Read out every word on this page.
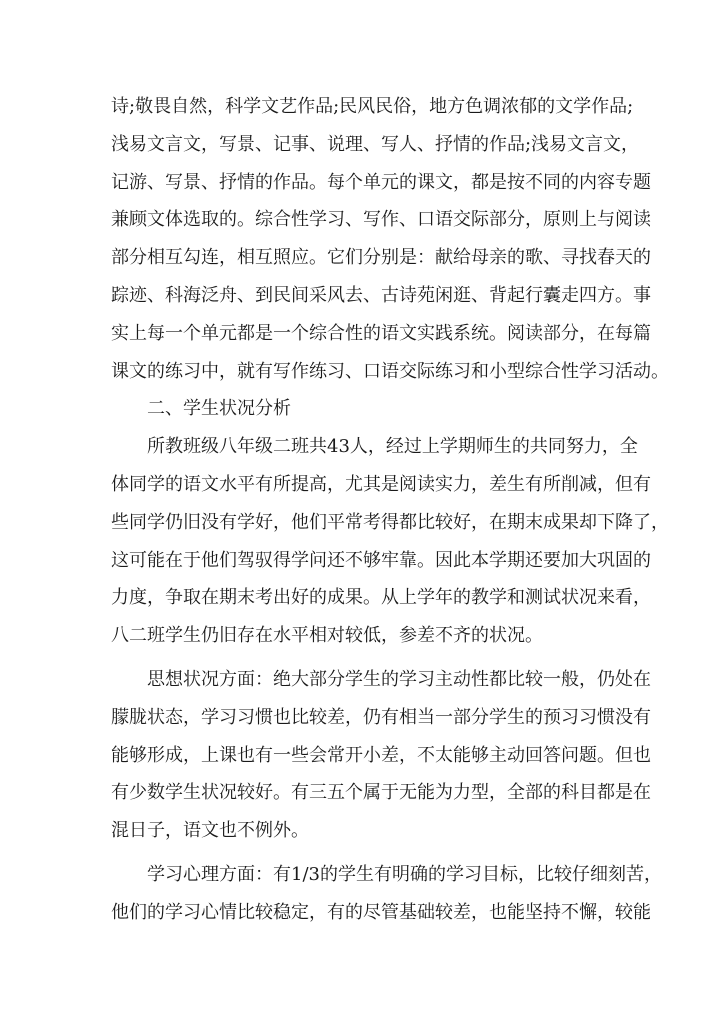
诗;敬畏自然，科学文艺作品;民风民俗，地方色调浓郁的文学作品;
浅易文言文，写景、记事、说理、写人、抒情的作品;浅易文言文，
记游、写景、抒情的作品。每个单元的课文，都是按不同的内容专题
兼顾文体选取的。综合性学习、写作、口语交际部分，原则上与阅读
部分相互勾连，相互照应。它们分别是：献给母亲的歌、寻找春天的
踪迹、科海泛舟、到民间采风去、古诗苑闲逛、背起行囊走四方。事
实上每一个单元都是一个综合性的语文实践系统。阅读部分，在每篇
课文的练习中，就有写作练习、口语交际练习和小型综合性学习活动。
二、学生状况分析
所教班级八年级二班共43人，经过上学期师生的共同努力，全
体同学的语文水平有所提高，尤其是阅读实力，差生有所削减，但有
些同学仍旧没有学好，他们平常考得都比较好，在期末成果却下降了，
这可能在于他们驾驭得学问还不够牢靠。因此本学期还要加大巩固的
力度，争取在期末考出好的成果。从上学年的教学和测试状况来看，
八二班学生仍旧存在水平相对较低，参差不齐的状况。
思想状况方面：绝大部分学生的学习主动性都比较一般，仍处在
朦胧状态，学习习惯也比较差，仍有相当一部分学生的预习习惯没有
能够形成，上课也有一些会常开小差，不太能够主动回答问题。但也
有少数学生状况较好。有三五个属于无能为力型，全部的科目都是在
混日子，语文也不例外。
学习心理方面：有1/3的学生有明确的学习目标，比较仔细刻苦，
他们的学习心情比较稳定，有的尽管基础较差，也能坚持不懈，较能
